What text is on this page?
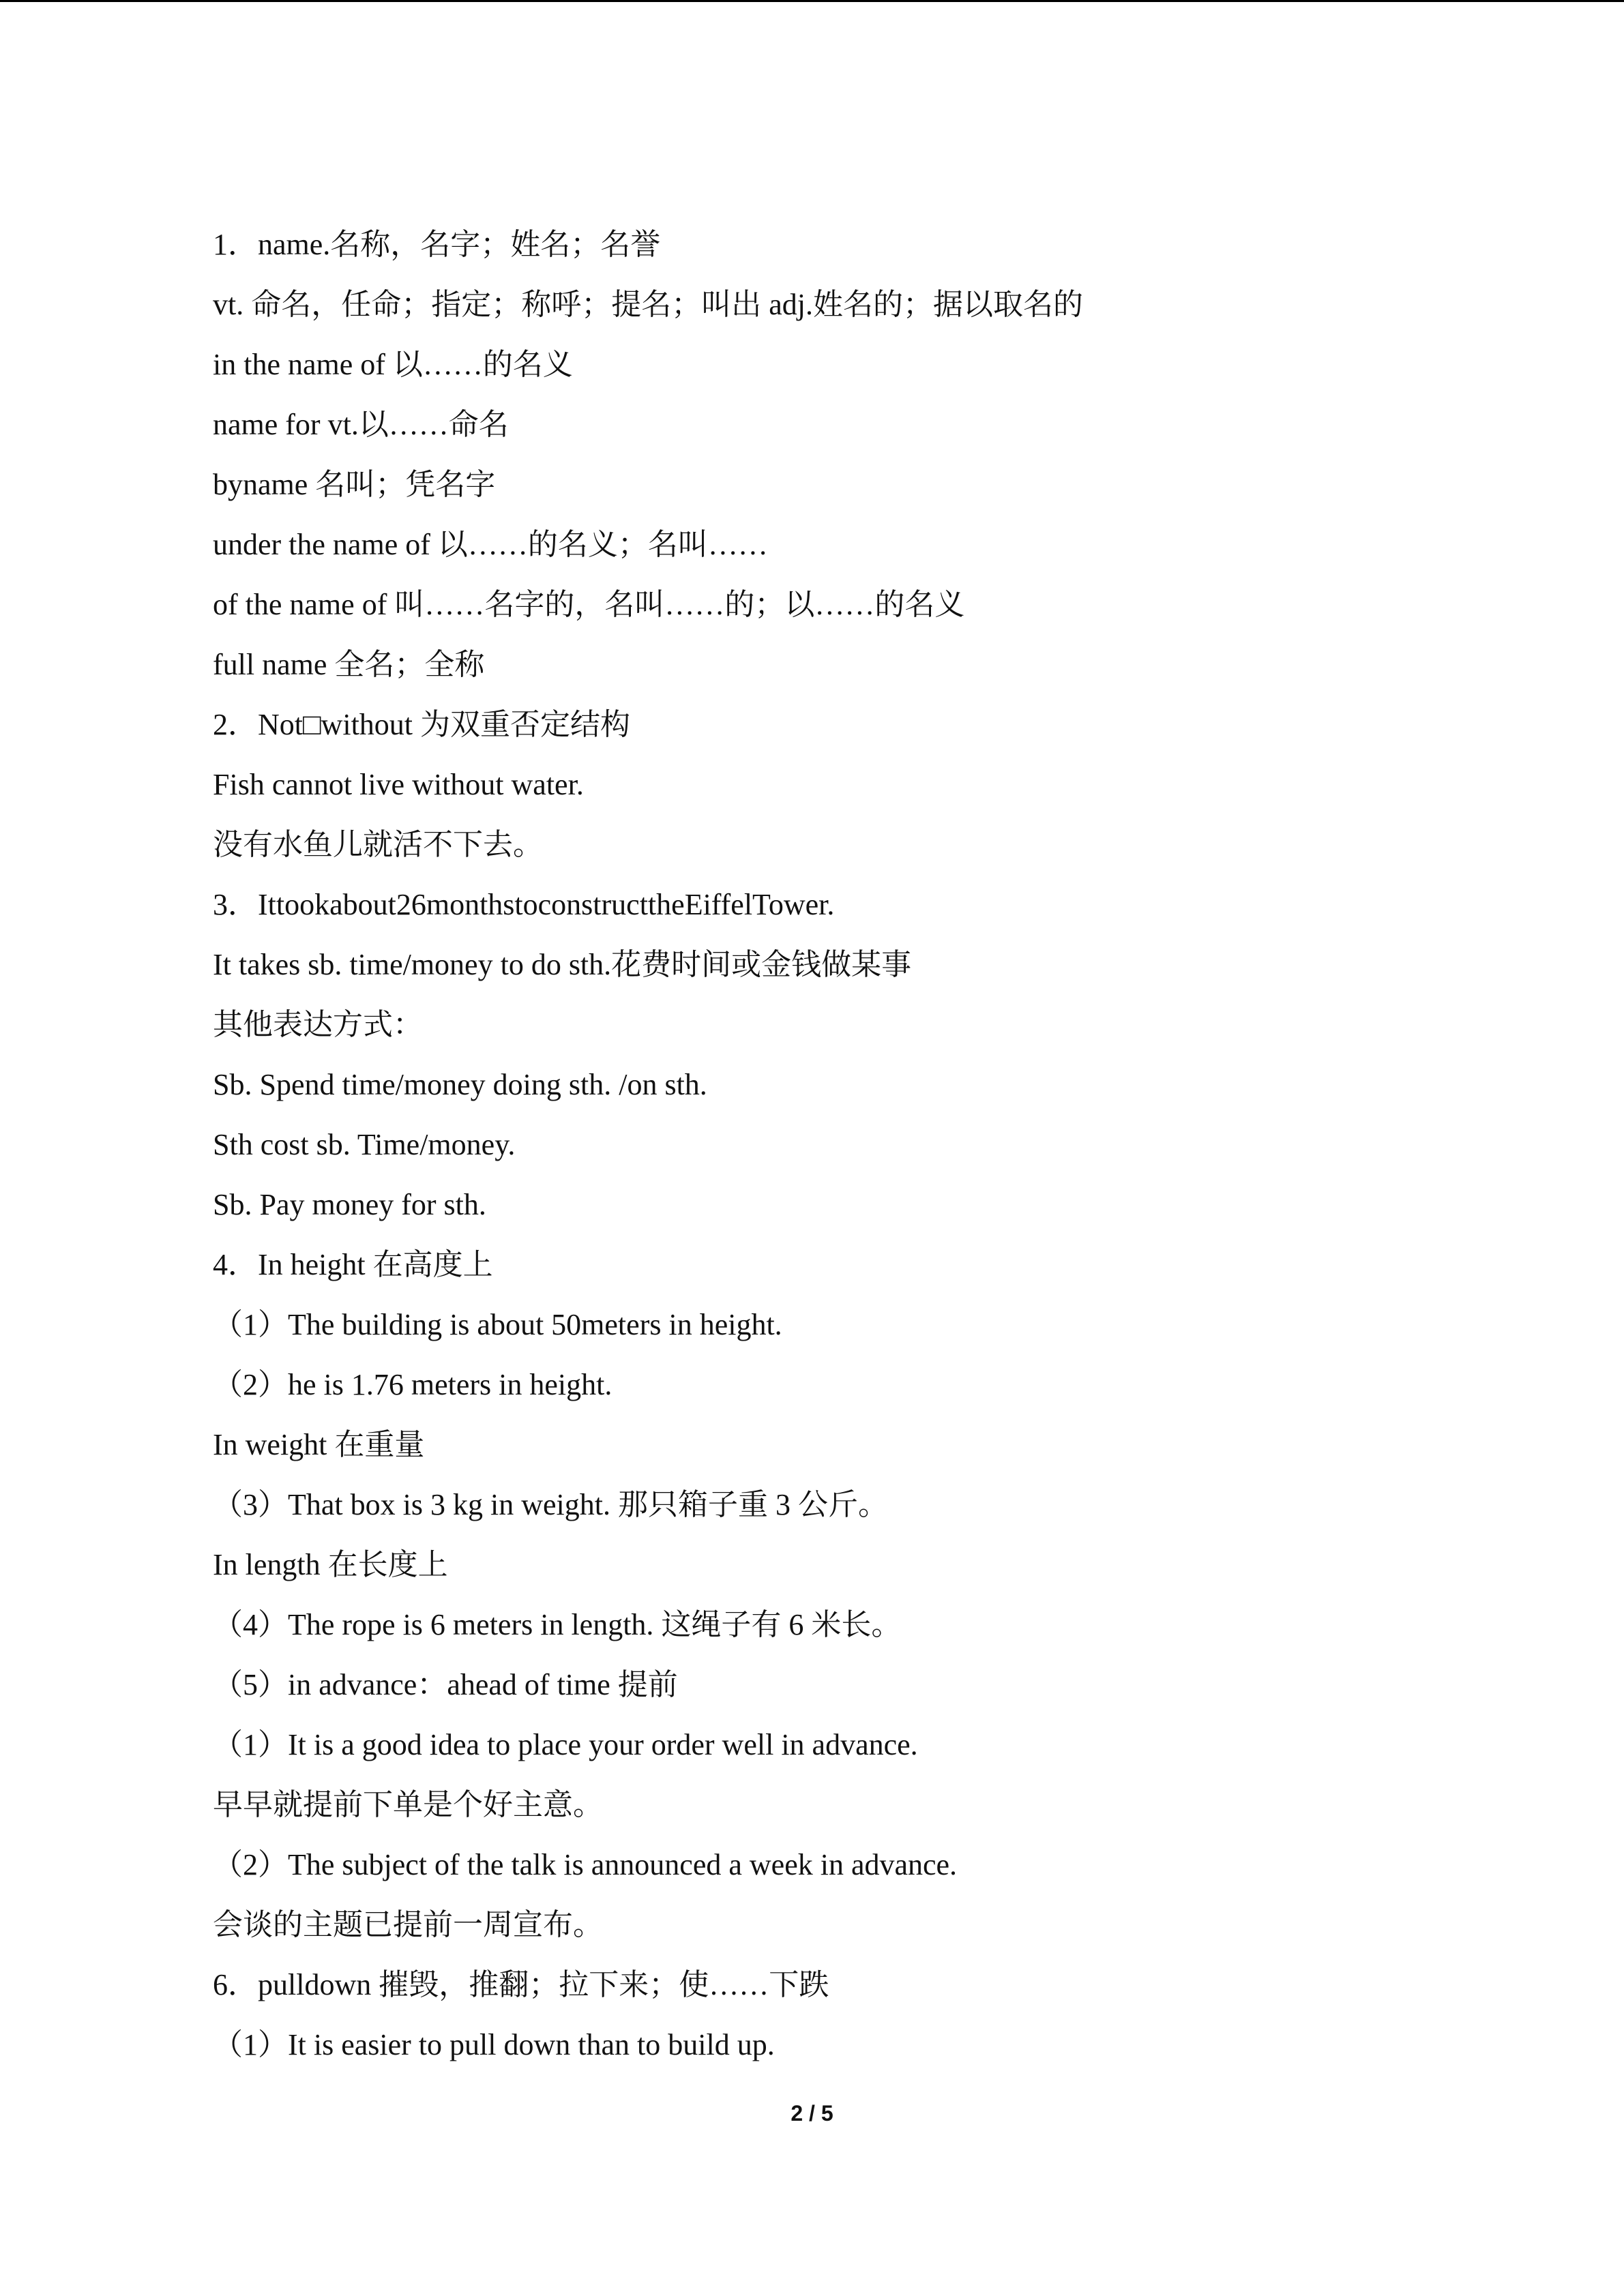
1．name.名称，名字；姓名；名誉
vt. 命名，任命；指定；称呼；提名；叫出 adj.姓名的；据以取名的
in the name of 以……的名义
name for vt.以……命名
byname 名叫；凭名字
under the name of 以……的名义；名叫……
of the name of 叫……名字的，名叫……的；以……的名义
full name 全名；全称
2．Not□without 为双重否定结构
Fish cannot live without water.
没有水鱼儿就活不下去。
3．Ittookabout26monthstoconstructtheEiffelTower.
It takes sb. time/money to do sth.花费时间或金钱做某事
其他表达方式：
Sb. Spend time/money doing sth. /on sth.
Sth cost sb. Time/money.
Sb. Pay money for sth.
4．In height 在高度上
（1）The building is about 50meters in height.
（2）he is 1.76 meters in height.
In weight 在重量
（3）That box is 3 kg in weight. 那只箱子重 3 公斤。
In length 在长度上
（4）The rope is 6 meters in length. 这绳子有 6 米长。
（5）in advance：ahead of time 提前
（1）It is a good idea to place your order well in advance.
早早就提前下单是个好主意。
（2）The subject of the talk is announced a week in advance.
会谈的主题已提前一周宣布。
6．pulldown 摧毁，推翻；拉下来；使……下跌
（1）It is easier to pull down than to build up.
2 / 5
